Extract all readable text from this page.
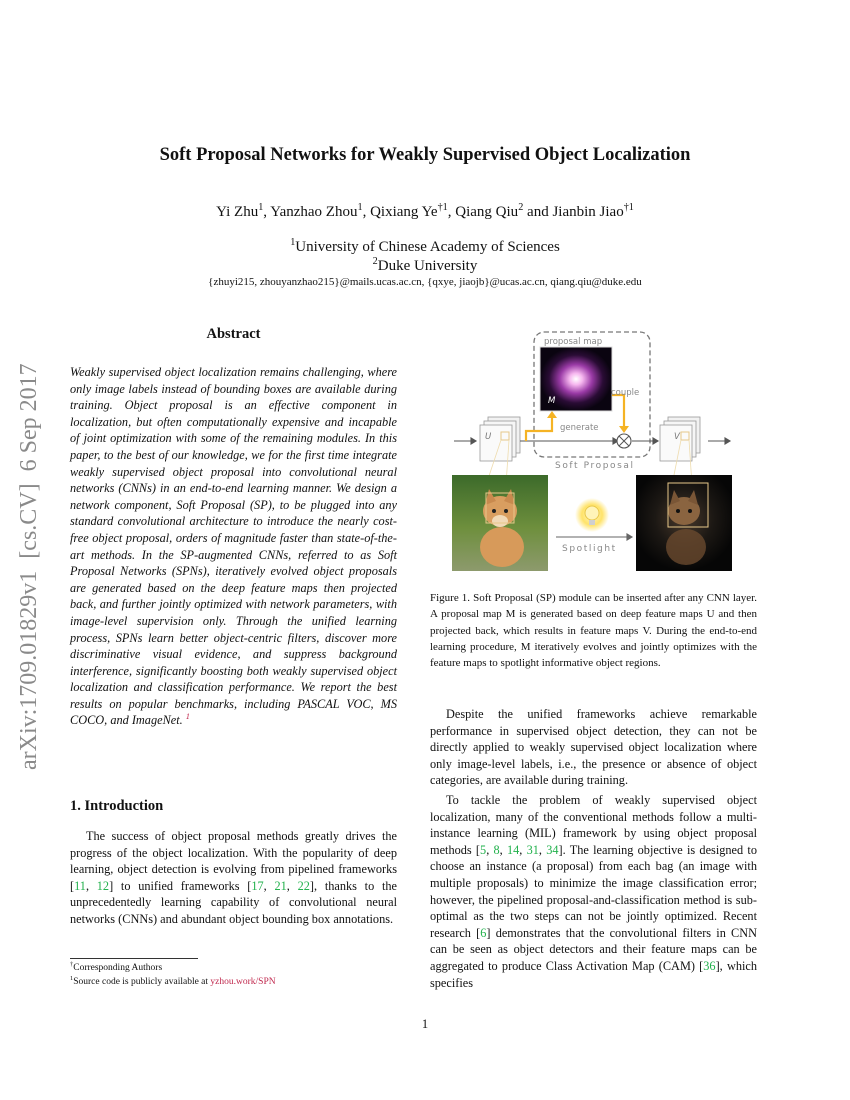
Soft Proposal Networks for Weakly Supervised Object Localization
Yi Zhu$^1$, Yanzhao Zhou$^1$, Qixiang Ye$^{\dagger 1}$, Qiang Qiu$^2$ and Jianbin Jiao$^{\dagger 1}$
$^1$University of Chinese Academy of Sciences
$^2$Duke University
{zhuyi215, zhouyanzhao215}@mails.ucas.ac.cn, {qxye, jiaojb}@ucas.ac.cn, qiang.qiu@duke.edu
arXiv:1709.01829v1  [cs.CV]  6 Sep 2017
Abstract
Weakly supervised object localization remains challenging, where only image labels instead of bounding boxes are available during training. Object proposal is an effective component in localization, but often computationally expensive and incapable of joint optimization with some of the remaining modules. In this paper, to the best of our knowledge, we for the first time integrate weakly supervised object proposal into convolutional neural networks (CNNs) in an end-to-end learning manner. We design a network component, Soft Proposal (SP), to be plugged into any standard convolutional architecture to introduce the nearly cost-free object proposal, orders of magnitude faster than state-of-the-art methods. In the SP-augmented CNNs, referred to as Soft Proposal Networks (SPNs), iteratively evolved object proposals are generated based on the deep feature maps then projected back, and further jointly optimized with network parameters, with image-level supervision only. Through the unified learning process, SPNs learn better object-centric filters, discover more discriminative visual evidence, and suppress background interference, significantly boosting both weakly supervised object localization and classification performance. We report the best results on popular benchmarks, including PASCAL VOC, MS COCO, and ImageNet. $^1$
1. Introduction
The success of object proposal methods greatly drives the progress of the object localization. With the popularity of deep learning, object detection is evolving from pipelined frameworks [11, 12] to unified frameworks [17, 21, 22], thanks to the unprecedentedly learning capability of convolutional neural networks (CNNs) and abundant object bounding box annotations.
†Corresponding Authors
$^1$Source code is publicly available at yzhou.work/SPN
proposal map
M
U	V
generate
couple
Soft Proposal
Spotlight
Figure 1. Soft Proposal (SP) module can be inserted after any CNN layer. A proposal map M is generated based on deep feature maps U and then projected back, which results in feature maps V. During the end-to-end learning procedure, M iteratively evolves and jointly optimizes with the feature maps to spotlight informative object regions.
Despite the unified frameworks achieve remarkable performance in supervised object detection, they can not be directly applied to weakly supervised object localization where only image-level labels, i.e., the presence or absence of object categories, are available during training.
To tackle the problem of weakly supervised object localization, many of the conventional methods follow a multi-instance learning (MIL) framework by using object proposal methods [5, 8, 14, 31, 34]. The learning objective is designed to choose an instance (a proposal) from each bag (an image with multiple proposals) to minimize the image classification error; however, the pipelined proposal-and-classification method is sub-optimal as the two steps can not be jointly optimized. Recent research [6] demonstrates that the convolutional filters in CNN can be seen as object detectors and their feature maps can be aggregated to produce Class Activation Map (CAM) [36], which specifies
1
